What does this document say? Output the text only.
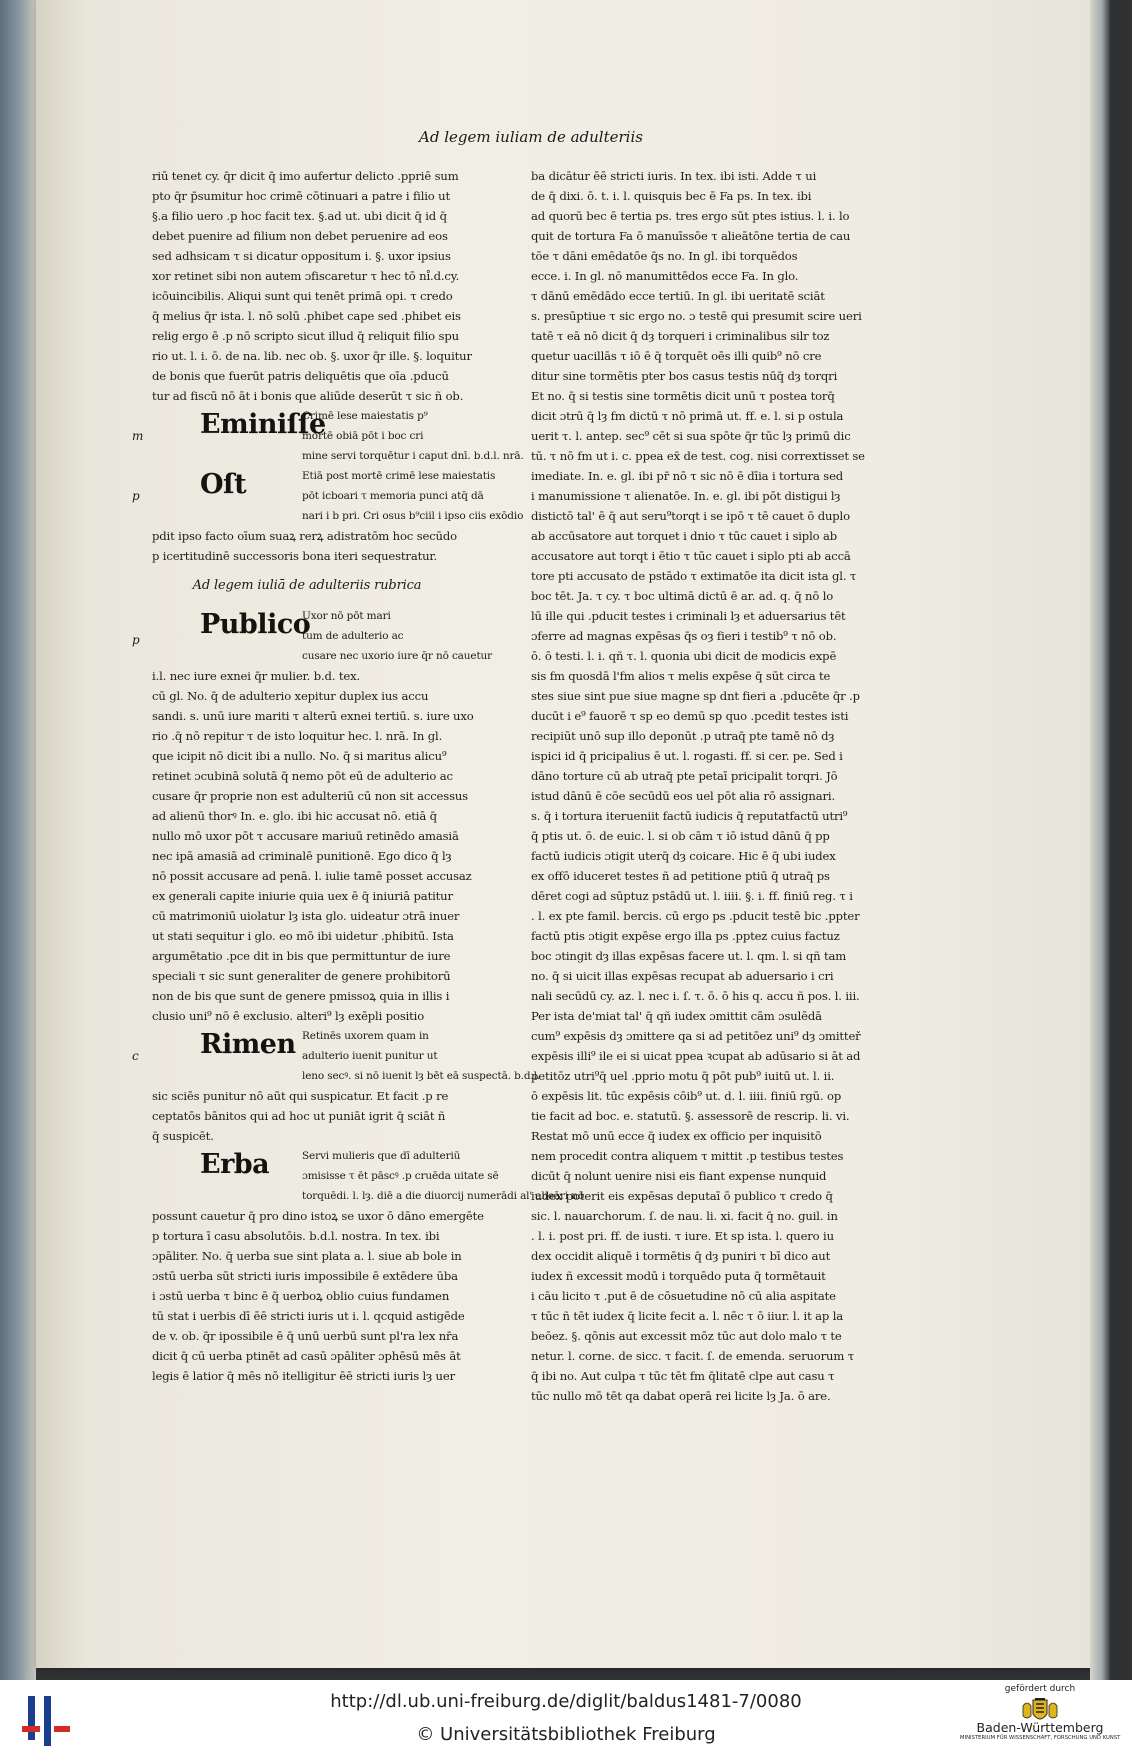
Ad legem iuliam de adulteriis
riū tenet cy. q̄r dicit q̄ imo aufertur delicto .ppriē sum
pto q̄r p̄sumitur hoc crimē cōtinuari a patre i filio ut
§.a filio uero .p hoc facit tex. §.ad ut. ubi dicit q̄ id q̄
debet puenire ad filium non debet peruenire ad eos
sed adhsicam τ si dicatur oppositum i. §. uxor ipsius
xor retinet sibi non autem ɔfiscaretur τ hec tō ni̊.d.cy.
icōuincibilis. Aliqui sunt qui tenēt primā opi. τ credo
q̄ melius q̄r ista. l. nō solū .phibet cape sed .phibet eis
relig ergo ē .p nō scripto sicut illud q̄ reliquit filio spu
rio ut. l. i. ō. de na. lib. nec ob. §. uxor q̄r ille. §. loquitur
de bonis que fuerūt patris deliquētis que oīa .pducū
tur ad fiscū nō āt i bonis que aliūde deserūt τ sic ñ ob.
m Eminiſſe
Crimē lese maiestatis p⁹
mortē obiā pōt i boc cri
mine servi torquētur i caput dnī. b.d.l. nrā.
p Oſt	Etiā post mortē crimē lese maiestatis
pōt icboari τ memoria punci atq̄ dā
nari i b pri. Cri osus b⁹ciil i ipso ciis exōdio
pdit ipso facto oīum suaꝝ rerꝝ adistratōm hoc secūdo
p icertitudinē successoris bona iteri sequestratur.
Ad legem iuliā de adulteriis rubrica
p Publico
Uxor nō pōt mari
tum de adulterio ac
cusare nec uxorio iure q̄r nō cauetur
i.l. nec iure exnei q̄r mulier. b.d. tex.
cū gl. No. q̄ de adulterio xepitur duplex ius accu
sandi. s. unū iure mariti τ alterū exnei tertiū. s. iure uxo
rio .q̄ nō repitur τ de isto loquitur hec. l. nrā. In gl.
que icipit nō dicit ibi a nullo. No. q̄ si maritus alicu⁹
retinet ɔcubinā solutā q̄ nemo pōt eū de adulterio ac
cusare q̄r proprie non est adulteriū cū non sit accessus
ad alienū thorꝰ In. e. glo. ibi hic accusat nō. etiā q̄
nullo mō uxor pōt τ accusare mariuū retinēdo amasiā
nec ipā amasiā ad criminalē punitionē. Ego dico q̄ lȝ
nō possit accusare ad penā. l. iulie tamē posset accusaz
ex generali capite iniurie quia uex ē q̄ iniuriā patitur
cū matrimoniū uiolatur lȝ ista glo. uideatur ɔtrā inuer
ut stati sequitur i glo. eo mō ibi uidetur .phibitū. Ista
argumētatio .pce dit in bis que permittuntur de iure
speciali τ sic sunt generaliter de genere prohibitorū
non de bis que sunt de genere pmissoꝝ quia in illis i
clusio uni⁹ nō ē exclusio. alteri⁹ lȝ exēpli positio
c Rimen Retinēs uxorem quam in
adulterio iuenit punitur ut
leno secꝰ. si nō iuenit lȝ bēt eā suspectā. b.d.l.
sic sciēs punitur nō aūt qui suspicatur. Et facit .p re
ceptatōs bānitos qui ad hoc ut puniāt igrit q̄ sciāt ñ
q̄ suspicēt.
Erba	Servi mulieris que dī adulteriū
ɔmisisse τ ēt pāscꝰ .p cruēda uitate sē
torquēdi. l. lȝ. diē a die diuorcij numerādi al' alieāri nō
possunt cauetur q̄ pro dino istoꝝ se uxor ō dāno emergēte
p tortura ī casu absolutōis. b.d.l. nostra. In tex. ibi
ɔpāliter. No. q̄ uerba sue sint plata a. l. siue ab bole in
ɔstū uerba sūt stricti iuris impossibile ē extēdere ūba
i ɔstū uerba τ binc ē q̄ uerboꝝ oblio cuius fundamen
tū stat i uerbis dī ēē stricti iuris ut i. l. qcquid astigēde
de v. ob. q̄r ipossibile ē q̄ unū uerbū sunt pl'ra lex nr̄a
dicit q̄ cū uerba ptinēt ad casū ɔpāliter ɔphēsū mēs āt
legis ē latior q̄ mēs nō itelligitur ēē stricti iuris lȝ uer
ba dicātur ēē stricti iuris. In tex. ibi isti. Adde τ ui
de q̄ dixi. ō. t. i. l. quisquis bec ē Fa ps. In tex. ibi
ad quorū bec ē tertia ps. tres ergo sūt ptes istius. l. i. lo
quit de tortura Fa ō manuīssōe τ alieātōne tertia de cau
tōe τ dāni emēdatōe q̄s no. In gl. ibi torquēdos
ecce. i. In gl. nō manumittēdos ecce Fa. In glo.
τ dānū emēdādo ecce tertiū. In gl. ibi ueritatē sciāt
s. presūptiue τ sic ergo no. ɔ testē qui presumit scire ueri
tatē τ eā nō dicit q̄ dȝ torqueri i criminalibus silr toz
quetur uacillās τ iō ē q̄ torquēt oēs illi quib⁹ nō cre
ditur sine tormētis pter bos casus testis nūq̄ dȝ torqri
Et no. q̄ si testis sine tormētis dicit unū τ postea torq̄
dicit ɔtrū q̄ lȝ fm dictū τ nō primā ut. ff. e. l. si p ostula
uerit τ. l. antep. sec⁹ cēt si sua spōte q̄r tūc lȝ primū dic
tū. τ nō fm ut i. c. ppea ex̄ de test. cog. nisi corrextisset se
imediate. In. e. gl. ibi pr̄ nō τ sic nō ē dīia i tortura sed
i manumissione τ alienatōe. In. e. gl. ibi pōt distigui lȝ
distictō tal' ē q̄ aut seru⁹torqt i se ipō τ tē cauet ō duplo
ab accūsatore aut torquet i dnio τ tūc cauet i siplo ab
accusatore aut torqt i ētio τ tūc cauet i siplo pti ab accā
tore pti accusato de pstādo τ extimatōe ita dicit ista gl. τ
boc tēt. Ja. τ cy. τ boc ultimā dictū ē ar. ad. q. q̄ nō lo
lū ille qui .pducit testes i criminali lȝ et aduersarius tēt
ɔferre ad magnas expēsas q̄s oȝ fieri i testib⁹ τ nō ob.
ō. ō testi. l. i. qñ τ. l. quonia ubi dicit de modicis expē
sis fm quosdā l'fm alios τ melis expēse q̄ sūt circa te
stes siue sint pue siue magne sp dnt fieri a .pducēte q̄r .p
ducūt i e⁹ fauorē τ sp eo demū sp quo .pcedit testes isti
recipiūt unō sup illo deponūt .p utraq̄ pte tamē nō dȝ
ispici id q̄ pricipalius ē ut. l. rogasti. ff. si cer. pe. Sed i
dāno torture cū ab utraq̄ pte petaī pricipalit torqri. Jō
istud dānū ē cōe secūdū eos uel pōt alia rō assignari.
s. q̄ i tortura iterueniit factū iudicis q̄ reputatfactū utri⁹
q̄ ptis ut. ō. de euic. l. si ob cām τ iō istud dānū q̄ pp
factū iudicis ɔtigit uterq̄ dȝ coicare. Hic ē q̄ ubi iudex
ex offō iduceret testes ñ ad petitione ptiū q̄ utraq̄ ps
dēret cogi ad sūptuz pstādū ut. l. iiii. §. i. ff. finiū reg. τ i
. l. ex pte famil. bercis. cū ergo ps .pducit testē bic .ppter
factū ptis ɔtigit expēse ergo illa ps .pptez cuius factuz
boc ɔtingit dȝ illas expēsas facere ut. l. qm. l. si qñ tam
no. q̄ si uicit illas expēsas recupat ab aduersario i cri
nali secūdū cy. az. l. nec i. ſ. τ. ō. ō his q. accu ñ pos. l. iii.
Per ista de'miat tal' q̄ qñ iudex ɔmittit cām ɔsulēdā
cum⁹ expēsis dȝ ɔmittere qa si ad petitōez uni⁹ dȝ ɔmitteř
expēsis illi⁹ ile ei si uicat ppea ꝛcupat ab adūsario si āt ad
petitōz utri⁹q̄ uel .pprio motu q̄ pōt pub⁹ iuitū ut. l. ii.
ō expēsis lit. tūc expēsis cōib⁹ ut. d. l. iiii. finiū rgū. op
tie facit ad boc. e. statutū. §. assessorē de rescrip. li. vi.
Restat mō unū ecce q̄ iudex ex officio per inquisitō
nem procedit contra aliquem τ mittit .p testibus testes
dicūt q̄ nolunt uenire nisi eis fiant expense nunquid
iudex poterit eis expēsas deputaī ō publico τ credo q̄
sic. l. nauarchorum. ſ. de nau. li. xi. facit q̄ no. guil. in
. l. i. post pri. ff. de iusti. τ iure. Et sp ista. l. quero iu
dex occidit aliquē i tormētis q̄ dȝ puniri τ bī dico aut
iudex ñ excessit modū i torquēdo puta q̄ tormētauit
i cāu licito τ .put ē de cōsuetudine nō cū alia aspitate
τ tūc ñ tēt iudex q̄ licite fecit a. l. nēc τ ō iiur. l. it ap la
beōez. §. qōnis aut excessit mōz tūc aut dolo malo τ te
netur. l. corne. de sicc. τ facit. ſ. de emenda. seruorum τ
q̄ ibi no. Aut culpa τ tūc tēt fm q̄litatē clpe aut casu τ
tūc nullo mō tēt qa dabat operā rei licite lȝ Ja. ō are.
http://dl.ub.uni-freiburg.de/diglit/baldus1481-7/0080
© Universitätsbibliothek Freiburg
gefördert durch
Baden-Württemberg
MINISTERIUM FÜR WISSENSCHAFT, FORSCHUNG UND KUNST
